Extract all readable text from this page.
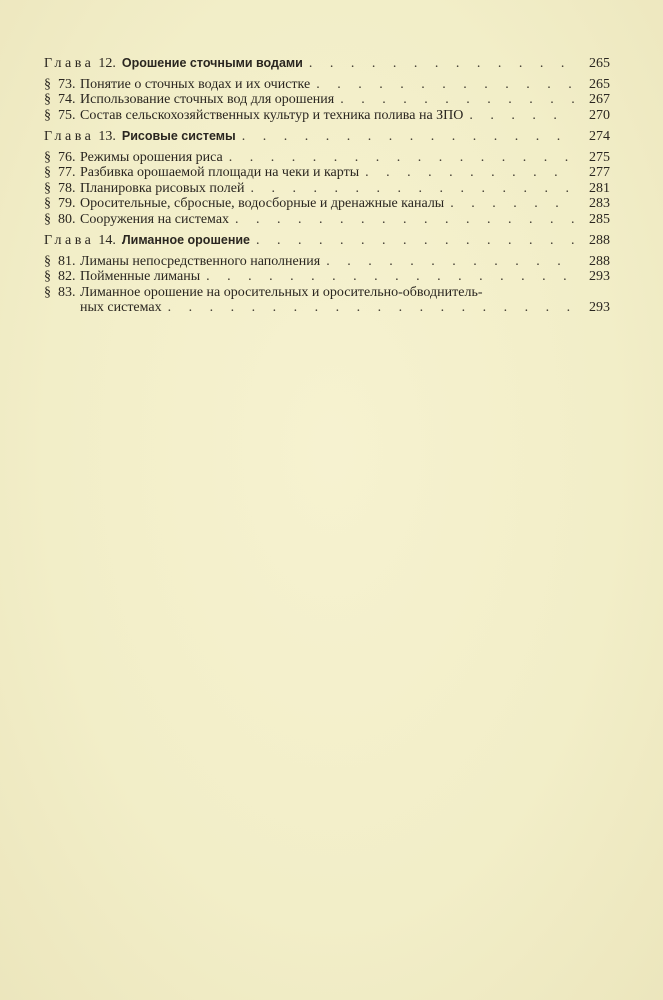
Глава 12. Орошение сточными водами . . .	265
§ 73. Понятие о сточных водах и их очистке . . .	265
§ 74. Использование сточных вод для орошения . . .	267
§ 75. Состав сельскохозяйственных культур и техника полива на ЗПО . . .	270
Глава 13. Рисовые системы . . .	274
§ 76. Режимы орошения риса . . .	275
§ 77. Разбивка орошаемой площади на чеки и карты . . .	277
§ 78. Планировка рисовых полей . . .	281
§ 79. Оросительные, сбросные, водосборные и дренажные каналы . . .	283
§ 80. Сооружения на системах . . .	285
Глава 14. Лиманное орошение . . .	288
§ 81. Лиманы непосредственного наполнения . . .	288
§ 82. Пойменные лиманы . . .	293
§ 83. Лиманное орошение на оросительных и оросительно-обводнитель-
ных системах . . .	293
